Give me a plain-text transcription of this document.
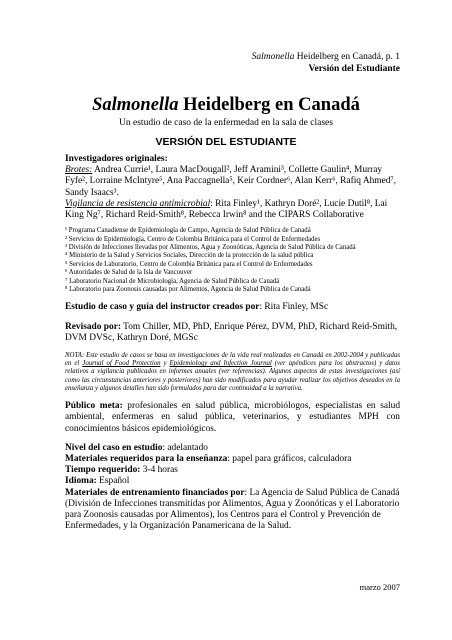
Salmonella Heidelberg en Canadá, p. 1
Versión del Estudiante
Salmonella Heidelberg en Canadá
Un estudio de caso de la enfermedad en la sala de clases
VERSIÓN DEL ESTUDIANTE

Investigadores originales:

Brotes: Andrea Currie¹, Laura MacDougall², Jeff Aramini³, Collette Gaulin⁴, Murray Fyfe², Lorraine McIntyre⁵, Ana Paccagnella⁵, Keir Cordner⁶, Alan Kerr⁶, Rafiq Ahmed⁷, Sandy Isaacs³.

Vigilancia de resistencia antimicrobial: Rita Finley¹, Kathryn Doré², Lucie Dutil⁸, Lai King Ng⁷, Richard Reid-Smith⁸, Rebecca Irwin⁸ and the CIPARS Collaborative

¹ Programa Canadiense de Epidemiología de Campo, Agencia de Salud Pública de Canadá
² Servicios de Epidemiología, Centro de Colombia Británica para el Control de Enfermedades
³ División de Infecciones llevadas por Alimentos, Agua y Zoonóticas, Agencia de Salud Pública de Canadá
⁴ Ministerio de la Salud y Servicios Sociales, Dirección de la protección de la salud pública
⁵ Servicios de Laboratorio, Centro de Colombia Británica para el Control de Enfermedades
⁶ Autoridades de Salud de la Isla de Vancouver
⁷ Laboratorio Nacional de Microbiología, Agencia de Salud Pública de Canadá
⁸ Laboratorio para Zoonosis causadas por Alimentos, Agencia de Salud Pública de Canadá

Estudio de caso y guía del instructor creados por: Rita Finley, MSc

Revisado por: Tom Chiller, MD, PhD, Enrique Pérez, DVM, PhD, Richard Reid-Smith, DVM DVSc, Kathryn Doré, MGSc

NOTA: Este estudio de casos se basa en investigaciones de la vida real realizadas en Canadá en 2002-2004 y publicadas en el Journal of Food Protection y Epidemiology and Infection Journal (ver apéndices para los abstractos) y datos relativos a vigilancia publicados en informes anuales (ver referencias). Algunos aspectos de estas investigaciones (así como las circunstancias anteriores y posteriores) han sido modificados para ayudar realizar los objetivos deseados en la enseñanza y algunos detalles han sido formulados para dar continuidad a la narrativa.

Público meta: profesionales en salud pública, microbiólogos, especialistas en salud ambiental, enfermeras en salud pública, veterinarios, y estudiantes MPH con conocimientos básicos epidemiológicos.

Nivel del caso en estudio: adelantado

Materiales requeridos para la enseñanza: papel para gráficos, calculadora

Tiempo requerido: 3-4 horas

Idioma: Español

Materiales de entrenamiento financiados por: La Agencia de Salud Pública de Canadá (División de Infecciones transmitidas por Alimentos, Agua y Zoonóticas y el Laboratorio para Zoonosis causadas por Alimentos), los Centros para el Control y Prevención de Enfermedades, y la Organización Panamericana de la Salud.

marzo 2007
